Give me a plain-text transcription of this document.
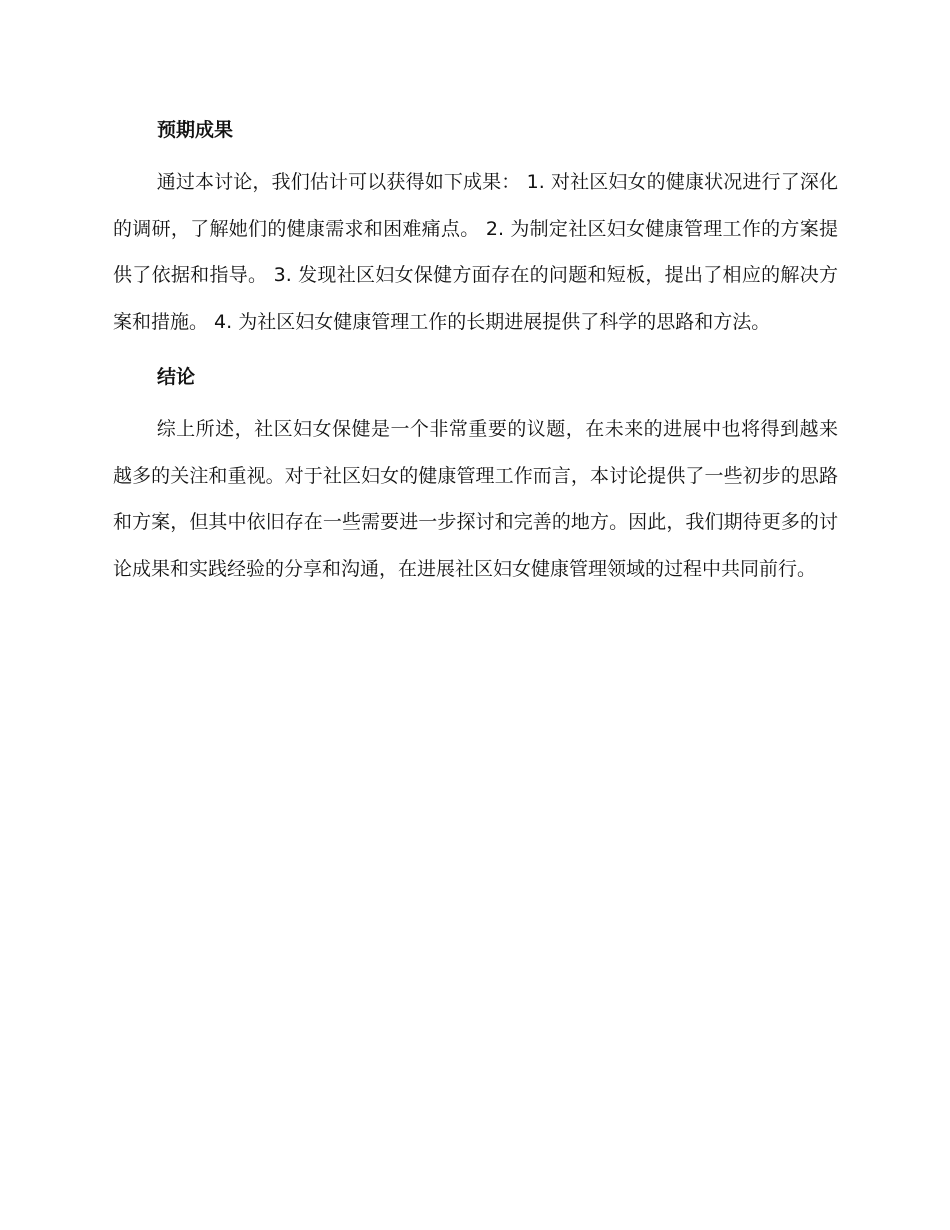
预期成果

通过本讨论，我们估计可以获得如下成果： 1. 对社区妇女的健康状况进行了深化的调研，了解她们的健康需求和困难痛点。 2. 为制定社区妇女健康管理工作的方案提供了依据和指导。 3. 发现社区妇女保健方面存在的问题和短板，提出了相应的解决方案和措施。 4. 为社区妇女健康管理工作的长期进展提供了科学的思路和方法。

结论

综上所述，社区妇女保健是一个非常重要的议题，在未来的进展中也将得到越来越多的关注和重视。对于社区妇女的健康管理工作而言，本讨论提供了一些初步的思路和方案，但其中依旧存在一些需要进一步探讨和完善的地方。因此，我们期待更多的讨论成果和实践经验的分享和沟通，在进展社区妇女健康管理领域的过程中共同前行。
